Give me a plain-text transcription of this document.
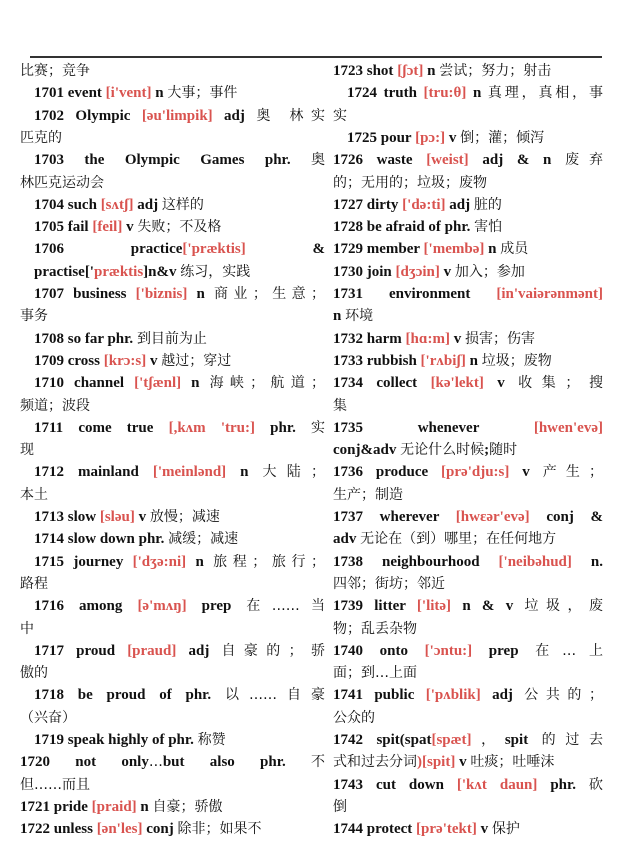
比赛；竞争
1701 event [i'vent] n 大事；事件
1702 Olympic [əu'limpik] adj 奥 林实
匹克的
1703 the Olympic Games phr. 奥
林匹克运动会
1704 such [sʌtʃ] adj 这样的
1705 fail [feil] v 失败；不及格
1706 practice['præktis] &
practise['præktis]n&v 练习，实践
1707 business ['biznis] n 商业；生意；
事务
1708 so far phr. 到目前为止
1709 cross [krɔ:s] v 越过；穿过
1710 channel ['tʃænl] n 海峡；航道；
频道；波段
1711 come true [,kʌm 'tru:] phr. 实
现
1712 mainland ['meinlənd] n 大陆；
本土
1713 slow [sləu] v 放慢；减速
1714 slow down phr. 减缓；减速
1715 journey ['dʒə:ni] n 旅程；旅行；
路程
1716 among [ə'mʌŋ] prep 在……当
中
1717 proud [praud] adj 自豪的；骄
傲的
1718 be proud of phr. 以……自豪
（兴奋）
1719 speak highly of phr. 称赞
1720 not only…but also phr. 不
但……而且
1721 pride [praid] n 自豪；骄傲
1722 unless [ən'les] conj 除非；如果不
1723 shot [ʃɔt] n 尝试；努力；射击
1724 truth [tru:θ] n 真理，真相，事
实
1725 pour [pɔ:] v 倒；灌；倾泻
1726 waste [weist] adj & n 废弃
的；无用的；垃圾；废物
1727 dirty ['də:ti] adj 脏的
1728 be afraid of phr. 害怕
1729 member ['membə] n 成员
1730 join [dʒɔin] v 加入；参加
1731 environment [in'vaiərənmənt]
n 环境
1732 harm [hɑ:m] v 损害；伤害
1733 rubbish ['rʌbiʃ] n 垃圾；废物
1734 collect [kə'lekt] v 收集；搜
集
1735 whenever [hwen'evə]
conj&adv 无论什么时候;随时
1736 produce [prə'dju:s] v 产生；
生产；制造
1737 wherever [hwɛər'evə] conj &
adv 无论在（到）哪里；在任何地方
1738 neighbourhood ['neibəhud] n.
四邻；街坊；邻近
1739 litter ['litə] n & v 垃圾，废
物；乱丢杂物
1740 onto ['ɔntu:] prep 在…上
面；到…上面
1741 public ['pʌblik] adj 公共的；
公众的
1742 spit(spat[spæt]，spit 的过去
式和过去分词)[spit] v 吐痰；吐唾沫
1743 cut down ['kʌt daun] phr. 砍
倒
1744 protect [prə'tekt] v 保护
